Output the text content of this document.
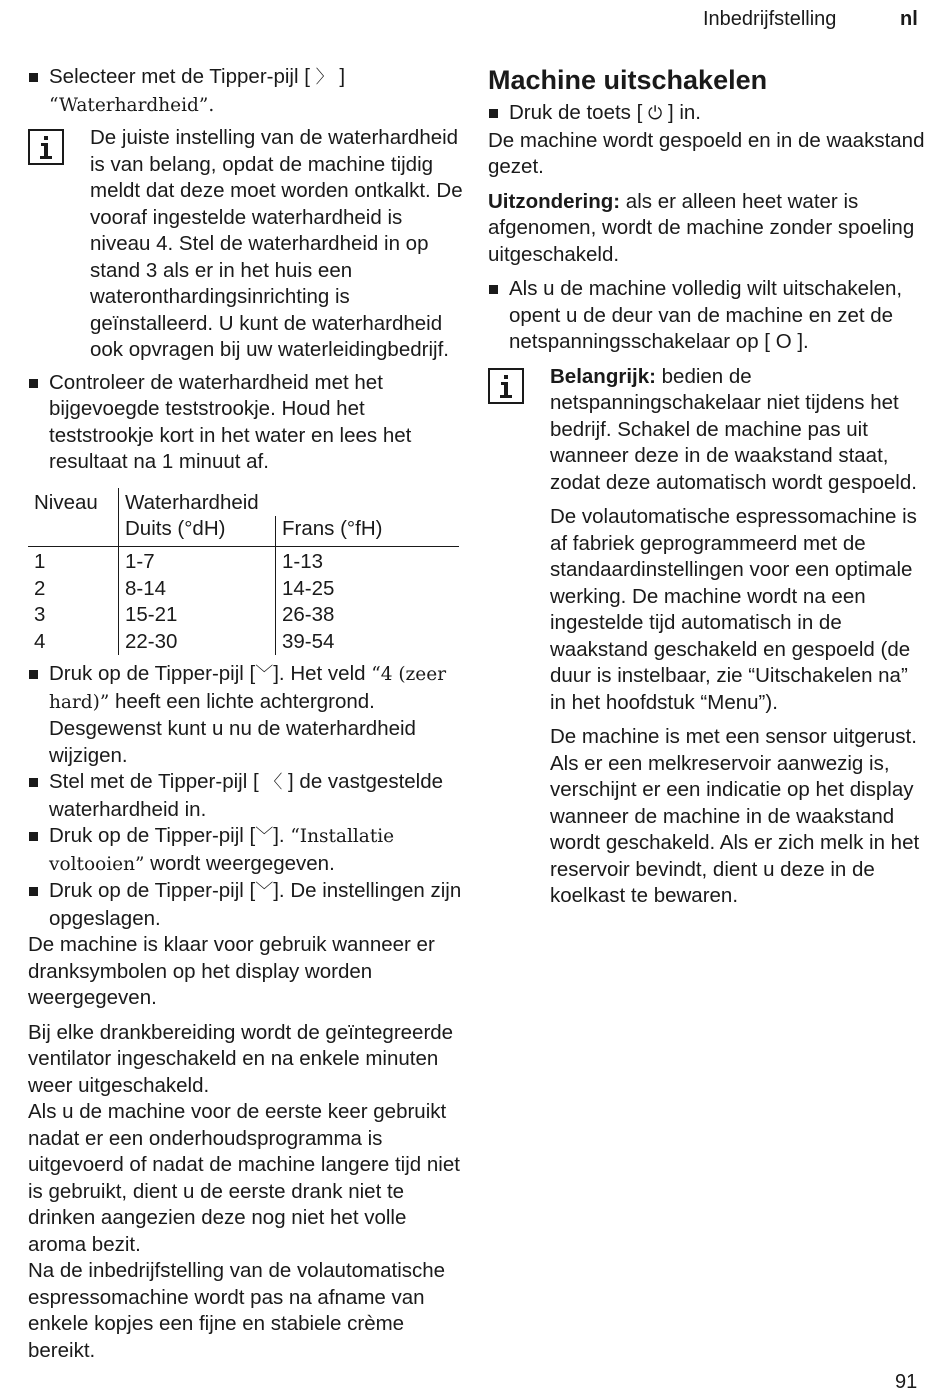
Inbedrijfstelling	nl
Selecteer met de Tipper-pijl [ 〉 ]
“Waterhardheid”.

De juiste instelling van de waterhardheid is van belang, opdat de machine tijdig meldt dat deze moet worden ontkalkt. De vooraf ingestelde waterhardheid is niveau 4. Stel de waterhardheid in op stand 3 als er in het huis een wateronthardingsinrichting is geïnstalleerd. U kunt de waterhardheid ook opvragen bij uw waterleidingbedrijf.

Controleer de waterhardheid met het bijgevoegde teststrookje. Houd het teststrookje kort in het water en lees het resultaat na 1 minuut af.
Niveau	Waterhardheid	
	Duits (°dH)	Frans (°fH)
1	1-7	1-13
2	8-14	14-25
3	15-21	26-38
4	22-30	39-54
Druk op de Tipper-pijl [﹀]. Het veld “4 (zeer hard)” heeft een lichte achtergrond. Desgewenst kunt u nu de waterhardheid wijzigen.
Stel met de Tipper-pijl [ 〈 ] de vastgestelde waterhardheid in.
Druk op de Tipper-pijl [﹀]. “Installatie voltooien” wordt weergegeven.
Druk op de Tipper-pijl [﹀]. De instellingen zijn opgeslagen.

De machine is klaar voor gebruik wanneer er dranksymbolen op het display worden weergegeven.

Bij elke drankbereiding wordt de geïntegreerde ventilator ingeschakeld en na enkele minuten weer uitgeschakeld.

Als u de machine voor de eerste keer gebruikt nadat er een onderhoudsprogramma is uitgevoerd of nadat de machine langere tijd niet is gebruikt, dient u de eerste drank niet te drinken aangezien deze nog niet het volle aroma bezit.

Na de inbedrijfstelling van de volautomatische espressomachine wordt pas na afname van enkele kopjes een fijne en stabiele crème bereikt.

Machine uitschakelen
Druk de toets [ ⏻ ] in.

De machine wordt gespoeld en in de waakstand gezet.

Uitzondering: als er alleen heet water is afgenomen, wordt de machine zonder spoeling uitgeschakeld.

Als u de machine volledig wilt uitschakelen, opent u de deur van de machine en zet de netspanningsschakelaar op [ O ].

Belangrijk: bedien de netspanningschakelaar niet tijdens het bedrijf. Schakel de machine pas uit wanneer deze in de waakstand staat, zodat deze automatisch wordt gespoeld.

De volautomatische espressomachine is af fabriek geprogrammeerd met de standaardinstellingen voor een optimale werking. De machine wordt na een ingestelde tijd automatisch in de waakstand geschakeld en gespoeld (de duur is instelbaar, zie “Uitschakelen na” in het hoofdstuk “Menu”).

De machine is met een sensor uitgerust. Als er een melkreservoir aanwezig is, verschijnt er een indicatie op het display wanneer de machine in de waakstand wordt geschakeld. Als er zich melk in het reservoir bevindt, dient u deze in de koelkast te bewaren.

91
